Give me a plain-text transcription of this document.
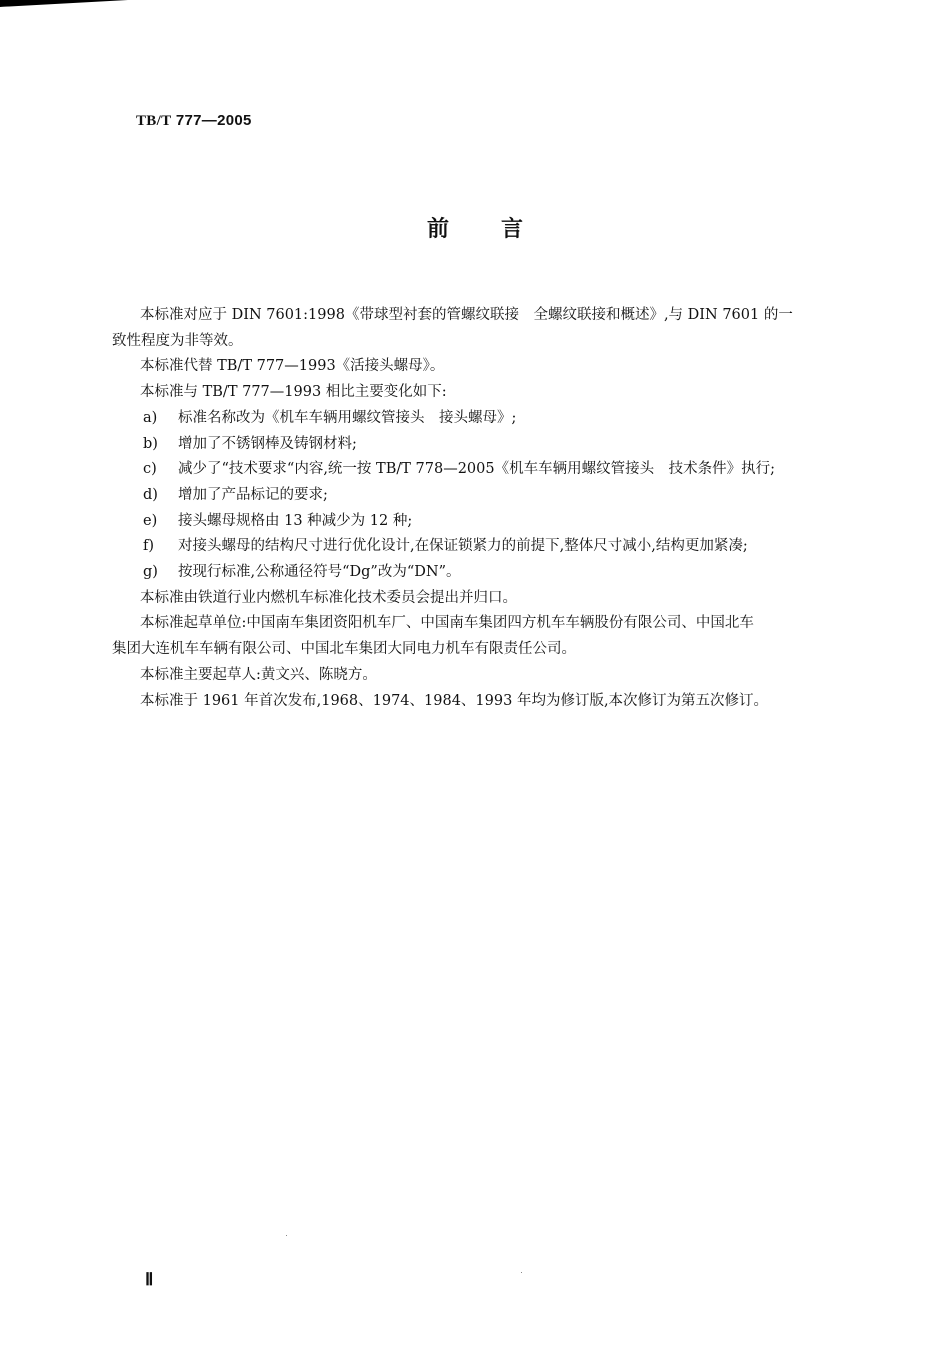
TB/T 777—2005
前 言

本标准对应于 DIN 7601:1998《带球型衬套的管螺纹联接　全螺纹联接和概述》,与 DIN 7601 的一

致性程度为非等效。

本标准代替 TB/T 777—1993《活接头螺母》。

本标准与 TB/T 777—1993 相比主要变化如下:

a)	标准名称改为《机车车辆用螺纹管接头　接头螺母》;
b)	增加了不锈钢棒及铸钢材料;
c)	减少了“技术要求“内容,统一按 TB/T 778—2005《机车车辆用螺纹管接头　技术条件》执行;
d)	增加了产品标记的要求;
e)	接头螺母规格由 13 种减少为 12 种;
f)	对接头螺母的结构尺寸进行优化设计,在保证锁紧力的前提下,整体尺寸减小,结构更加紧凑;
g)	按现行标准,公称通径符号“Dg”改为“DN”。

本标准由铁道行业内燃机车标准化技术委员会提出并归口。

本标准起草单位:中国南车集团资阳机车厂、中国南车集团四方机车车辆股份有限公司、中国北车

集团大连机车车辆有限公司、中国北车集团大同电力机车有限责任公司。

本标准主要起草人:黄文兴、陈晓方。

本标准于 1961 年首次发布,1968、1974、1984、1993 年均为修订版,本次修订为第五次修订。

Ⅱ
